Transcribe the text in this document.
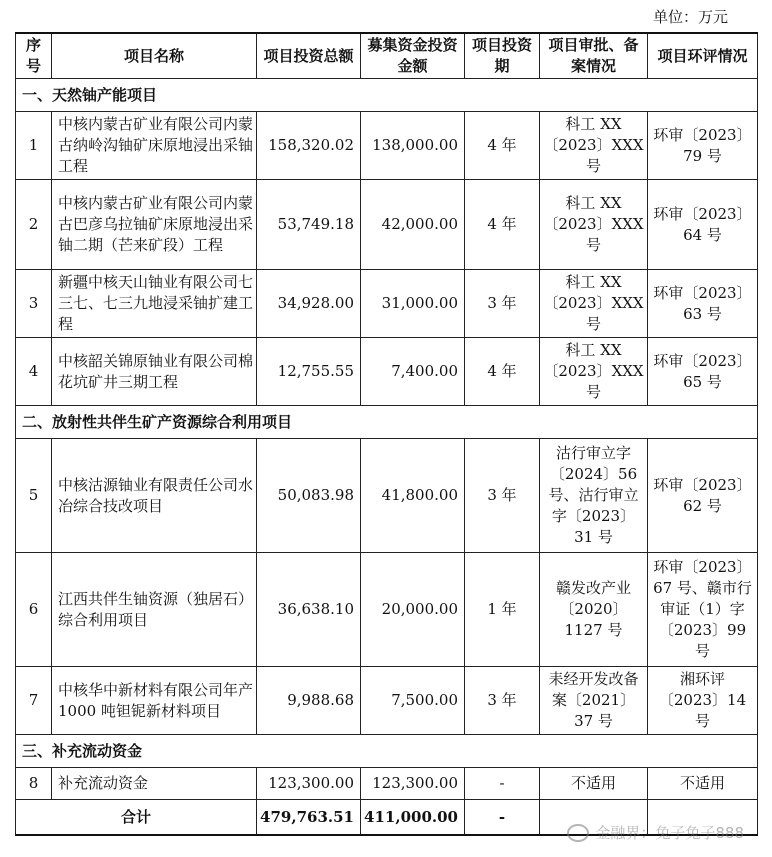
单位：万元
序号	项目名称	项目投资总额	募集资金投资金额	项目投资期	项目审批、备案情况	项目环评情况
一、天然铀产能项目						
1	中核内蒙古矿业有限公司内蒙古纳岭沟铀矿床原地浸出采铀工程	158,320.02	138,000.00	4 年	科工 XX〔2023〕XXX 号	环审〔2023〕79 号
2	中核内蒙古矿业有限公司内蒙古巴彦乌拉铀矿床原地浸出采铀二期（芒来矿段）工程	53,749.18	42,000.00	4 年	科工 XX〔2023〕XXX 号	环审〔2023〕64 号
3	新疆中核天山铀业有限公司七三七、七三九地浸采铀扩建工程	34,928.00	31,000.00	3 年	科工 XX〔2023〕XXX 号	环审〔2023〕63 号
4	中核韶关锦原铀业有限公司棉花坑矿井三期工程	12,755.55	7,400.00	4 年	科工 XX〔2023〕XXX 号	环审〔2023〕65 号
二、放射性共伴生矿产资源综合利用项目						
5	中核沽源铀业有限责任公司水冶综合技改项目	50,083.98	41,800.00	3 年	沽行审立字〔2024〕56 号、沽行审立字〔2023〕31 号	环审〔2023〕62 号
6	江西共伴生铀资源（独居石）综合利用项目	36,638.10	20,000.00	1 年	赣发改产业〔2020〕1127 号	环审〔2023〕67 号、赣市行审证（1）字〔2023〕99 号
7	中核华中新材料有限公司年产 1000 吨钽铌新材料项目	9,988.68	7,500.00	3 年	耒经开发改备案〔2021〕37 号	湘环评〔2023〕14 号
三、补充流动资金						
8	补充流动资金	123,300.00	123,300.00	-	不适用	不适用
合计		479,763.51	411,000.00	-		
金融界：兔子兔子888
